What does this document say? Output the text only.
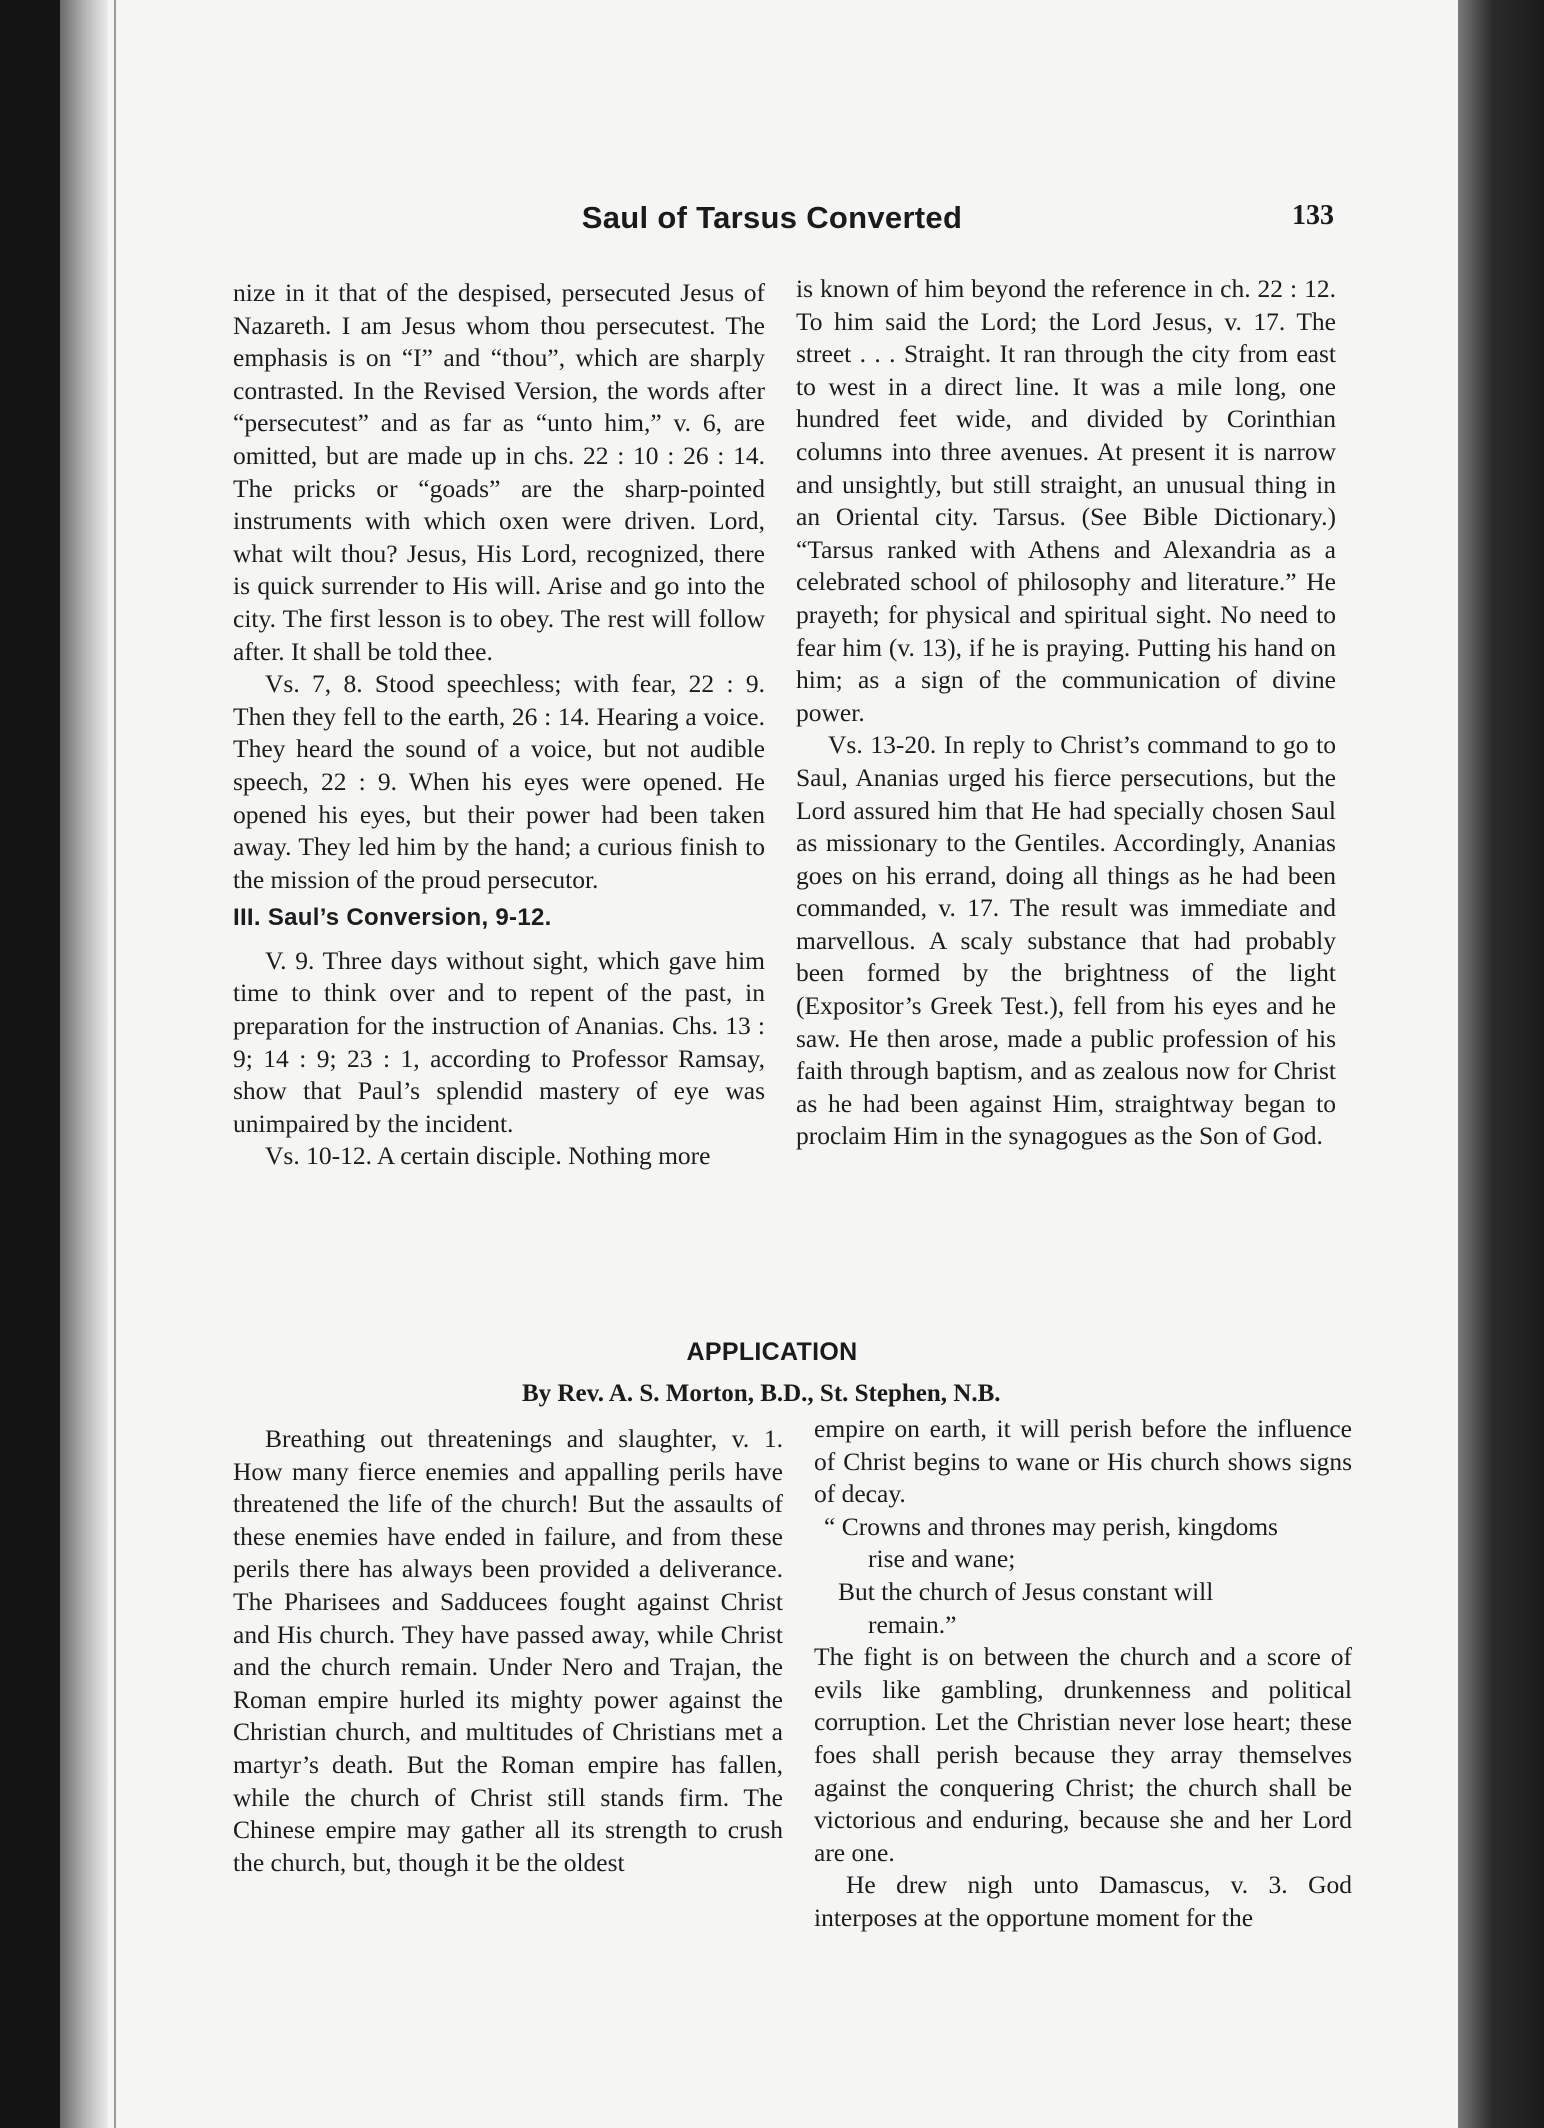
Saul of Tarsus Converted	133

nize in it that of the despised, persecuted Jesus of Nazareth. I am Jesus whom thou persecutest. The emphasis is on “I” and “thou”, which are sharply contrasted. In the Revised Version, the words after “persecutest” and as far as “unto him,” v. 6, are omitted, but are made up in chs. 22 : 10 : 26 : 14. The pricks or “goads” are the sharp-pointed instruments with which oxen were driven. Lord, what wilt thou? Jesus, His Lord, recognized, there is quick surrender to His will. Arise and go into the city. The first lesson is to obey. The rest will follow after. It shall be told thee.

Vs. 7, 8. Stood speechless; with fear, 22 : 9. Then they fell to the earth, 26 : 14. Hearing a voice. They heard the sound of a voice, but not audible speech, 22 : 9. When his eyes were opened. He opened his eyes, but their power had been taken away. They led him by the hand; a curious finish to the mission of the proud persecutor.

III. Saul’s Conversion, 9-12.

V. 9. Three days without sight, which gave him time to think over and to repent of the past, in preparation for the instruction of Ananias. Chs. 13 : 9; 14 : 9; 23 : 1, according to Professor Ramsay, show that Paul’s splendid mastery of eye was unimpaired by the incident.

Vs. 10-12. A certain disciple. Nothing more

is known of him beyond the reference in ch. 22 : 12. To him said the Lord; the Lord Jesus, v. 17. The street . . . Straight. It ran through the city from east to west in a direct line. It was a mile long, one hundred feet wide, and divided by Corinthian columns into three avenues. At present it is narrow and unsightly, but still straight, an unusual thing in an Oriental city. Tarsus. (See Bible Dictionary.) “Tarsus ranked with Athens and Alexandria as a celebrated school of philosophy and literature.” He prayeth; for physical and spiritual sight. No need to fear him (v. 13), if he is praying. Putting his hand on him; as a sign of the communication of divine power.

Vs. 13-20. In reply to Christ’s command to go to Saul, Ananias urged his fierce persecutions, but the Lord assured him that He had specially chosen Saul as missionary to the Gentiles. Accordingly, Ananias goes on his errand, doing all things as he had been commanded, v. 17. The result was immediate and marvellous. A scaly substance that had probably been formed by the brightness of the light (Expositor’s Greek Test.), fell from his eyes and he saw. He then arose, made a public profession of his faith through baptism, and as zealous now for Christ as he had been against Him, straightway began to proclaim Him in the synagogues as the Son of God.

APPLICATION
By Rev. A. S. Morton, B.D., St. Stephen, N.B.

Breathing out threatenings and slaughter, v. 1. How many fierce enemies and appalling perils have threatened the life of the church! But the assaults of these enemies have ended in failure, and from these perils there has always been provided a deliverance. The Pharisees and Sadducees fought against Christ and His church. They have passed away, while Christ and the church remain. Under Nero and Trajan, the Roman empire hurled its mighty power against the Christian church, and multitudes of Christians met a martyr’s death. But the Roman empire has fallen, while the church of Christ still stands firm. The Chinese empire may gather all its strength to crush the church, but, though it be the oldest

empire on earth, it will perish before the influence of Christ begins to wane or His church shows signs of decay.

“ Crowns and thrones may perish, kingdoms

rise and wane;

But the church of Jesus constant will

remain.”

The fight is on between the church and a score of evils like gambling, drunkenness and political corruption. Let the Christian never lose heart; these foes shall perish because they array themselves against the conquering Christ; the church shall be victorious and enduring, because she and her Lord are one.

He drew nigh unto Damascus, v. 3. God interposes at the opportune moment for the
